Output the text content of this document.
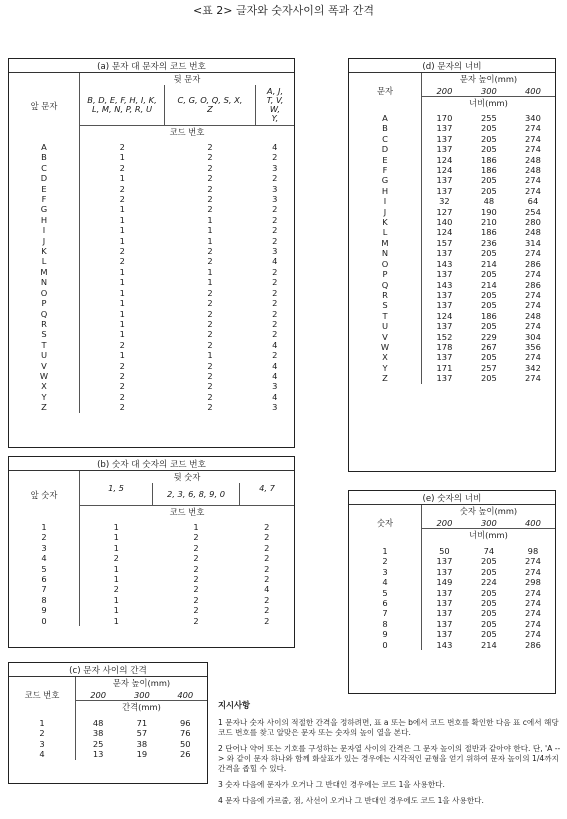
<표 2> 글자와 숫자사이의 폭과 간격
(a) 문자 대 문자의 코드 번호			
앞 문자	뒷 문자		
	B, D, E, F, H, I, K, L, M, N, P, R, U	C, G, O, Q, S, X, Z	A, J, T, V, W, Y,
	코드 번호		
A	2	2	4
B	1	2	2
C	2	2	3
D	1	2	2
E	2	2	3
F	2	2	3
G	1	2	2
H	1	1	2
I	1	1	2
J	1	1	2
K	2	2	3
L	2	2	4
M	1	1	2
N	1	1	2
O	1	2	2
P	1	2	2
Q	1	2	2
R	1	2	2
S	1	2	2
T	2	2	4
U	1	1	2
V	2	2	4
W	2	2	4
X	2	2	3
Y	2	2	4
Z	2	2	3
(b) 숫자 대 숫자의 코드 번호			
앞 숫자	뒷 숫자		
	1, 5	2, 3, 6, 8, 9, 0	4, 7
	코드 번호		
1	1	1	2
2	1	2	2
3	1	2	2
4	2	2	2
5	1	2	2
6	1	2	2
7	2	2	4
8	1	2	2
9	1	2	2
0	1	2	2
(c) 문자 사이의 간격			
코드 번호	문자 높이(mm)		
	200	300	400
	간격(mm)		
1	48	71	96
2	38	57	76
3	25	38	50
4	13	19	26
(d) 문자의 너비			
문자	문자 높이(mm)		
	200	300	400
	너비(mm)		
A	170	255	340
B	137	205	274
C	137	205	274
D	137	205	274
E	124	186	248
F	124	186	248
G	137	205	274
H	137	205	274
I	32	48	64
J	127	190	254
K	140	210	280
L	124	186	248
M	157	236	314
N	137	205	274
O	143	214	286
P	137	205	274
Q	143	214	286
R	137	205	274
S	137	205	274
T	124	186	248
U	137	205	274
V	152	229	304
W	178	267	356
X	137	205	274
Y	171	257	342
Z	137	205	274
(e) 숫자의 너비			
숫자	숫자 높이(mm)		
	200	300	400
	너비(mm)		
1	50	74	98
2	137	205	274
3	137	205	274
4	149	224	298
5	137	205	274
6	137	205	274
7	137	205	274
8	137	205	274
9	137	205	274
0	143	214	286
지시사항

1 문자나 숫자 사이의 적절한 간격을 정하려면, 표 a 또는 b에서 코드 번호를 확인한 다음 표 c에서 해당 코드 번호를 찾고 알맞은 문자 또는 숫자의 높이 열을 본다.

2 단어나 약어 또는 기호를 구성하는 문자열 사이의 간격은 그 문자 높이의 절반과 같아야 한다. 단, 'A --> 와 같이 문자 하나와 함께 화살표가 있는 경우에는 시각적인 균형을 얻기 위하여 문자 높이의 1/4까지 간격을 좁힐 수 있다.

3 숫자 다음에 문자가 오거나 그 반대인 경우에는 코드 1을 사용한다.

4 문자 다음에 가르줄, 점, 사선이 오거나 그 반대인 경우에도 코드 1을 사용한다.
